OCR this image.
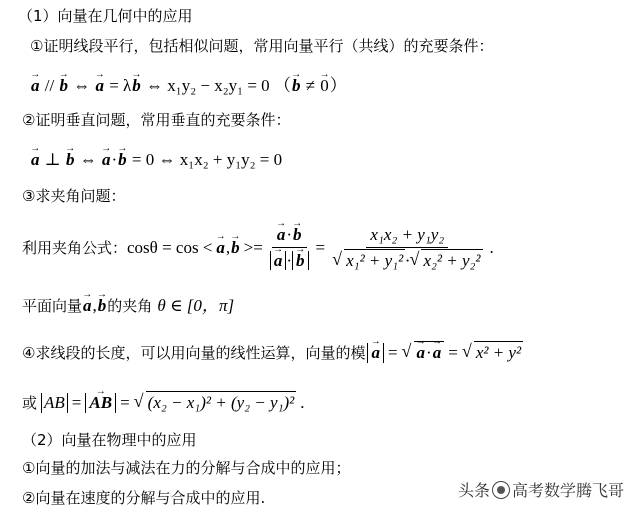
（1）向量在几何中的应用
①证明线段平行，包括相似问题，常用向量平行（共线）的充要条件：
→ a // → b ⇔ → a = λ→ b ⇔ x₁y₂ − x₂y₁ = 0 （→ b ≠ → 0）
②证明垂直问题，常用垂直的充要条件：
→ a ⊥ → b ⇔ → a·→ b = 0 ⇔ x₁x₂ + y₁y₂ = 0
③求夹角问题：
利用夹角公式： cosθ = cos <
→ a,→ b >=
→ a·→ b
→ $a \cdot\to b = \frac{\text{x₁x₂ + y₁y₂}}{\text{√ x₁² + y₁² · √ x₂² + y₂²}}$ .
平面向量→ a,→ b的夹角 θ ∈ [0，π]
④求线段的长度，可以用向量的线性运算，向量的模
→ a = √
→ a·→ a = √ x² + y²
或 AB =
→ AB = √ (x₂ − x₁)² + (y₂ − y₁)² .
（2）向量在物理中的应用
①向量的加法与减法在力的分解与合成中的应用；
②向量在速度的分解与合成中的应用.	头条 高考数学腾飞哥
